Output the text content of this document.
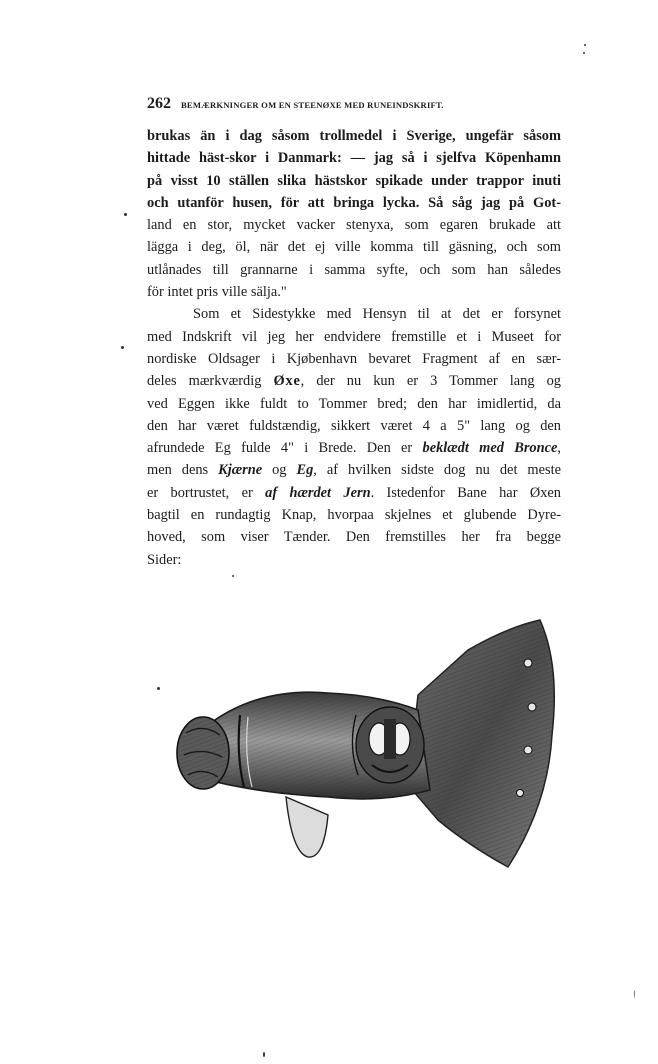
262 BEMÆRKNINGER OM EN STEENØXE MED RUNEINDSKRIFT.
brukas än i dag såsom trollmedel i Sverige, ungefär såsom
hittade häst-skor i Danmark: — jag så i sjelfva Köpenhamn
på visst 10 ställen slika hästskor spikade under trappor inuti
och utanför husen, för att bringa lycka. Så såg jag på Got-
land en stor, mycket vacker stenyxa, som egaren brukade att
lägga i deg, öl, när det ej ville komma till gäsning, och som
utlånades till grannarne i samma syfte, och som han således
för intet pris ville sälja."
Som et Sidestykke med Hensyn til at det er forsynet
med Indskrift vil jeg her endvidere fremstille et i Museet for
nordiske Oldsager i Kjøbenhavn bevaret Fragment af en sær-
deles mærkværdig Øxe, der nu kun er 3 Tommer lang og
ved Eggen ikke fuldt to Tommer bred; den har imidlertid, da
den har været fuldstændig, sikkert været 4 a 5" lang og den
afrundede Eg fulde 4" i Brede. Den er beklædt med Bronce,
men dens Kjærne og Eg, af hvilken sidste dog nu det meste
er bortrustet, er af hærdet Jern. Istedenfor Bane har Øxen
bagtil en rundagtig Knap, hvorpaa skjelnes et glubende Dyre-
hoved, som viser Tænder. Den fremstilles her fra begge
Sider:
